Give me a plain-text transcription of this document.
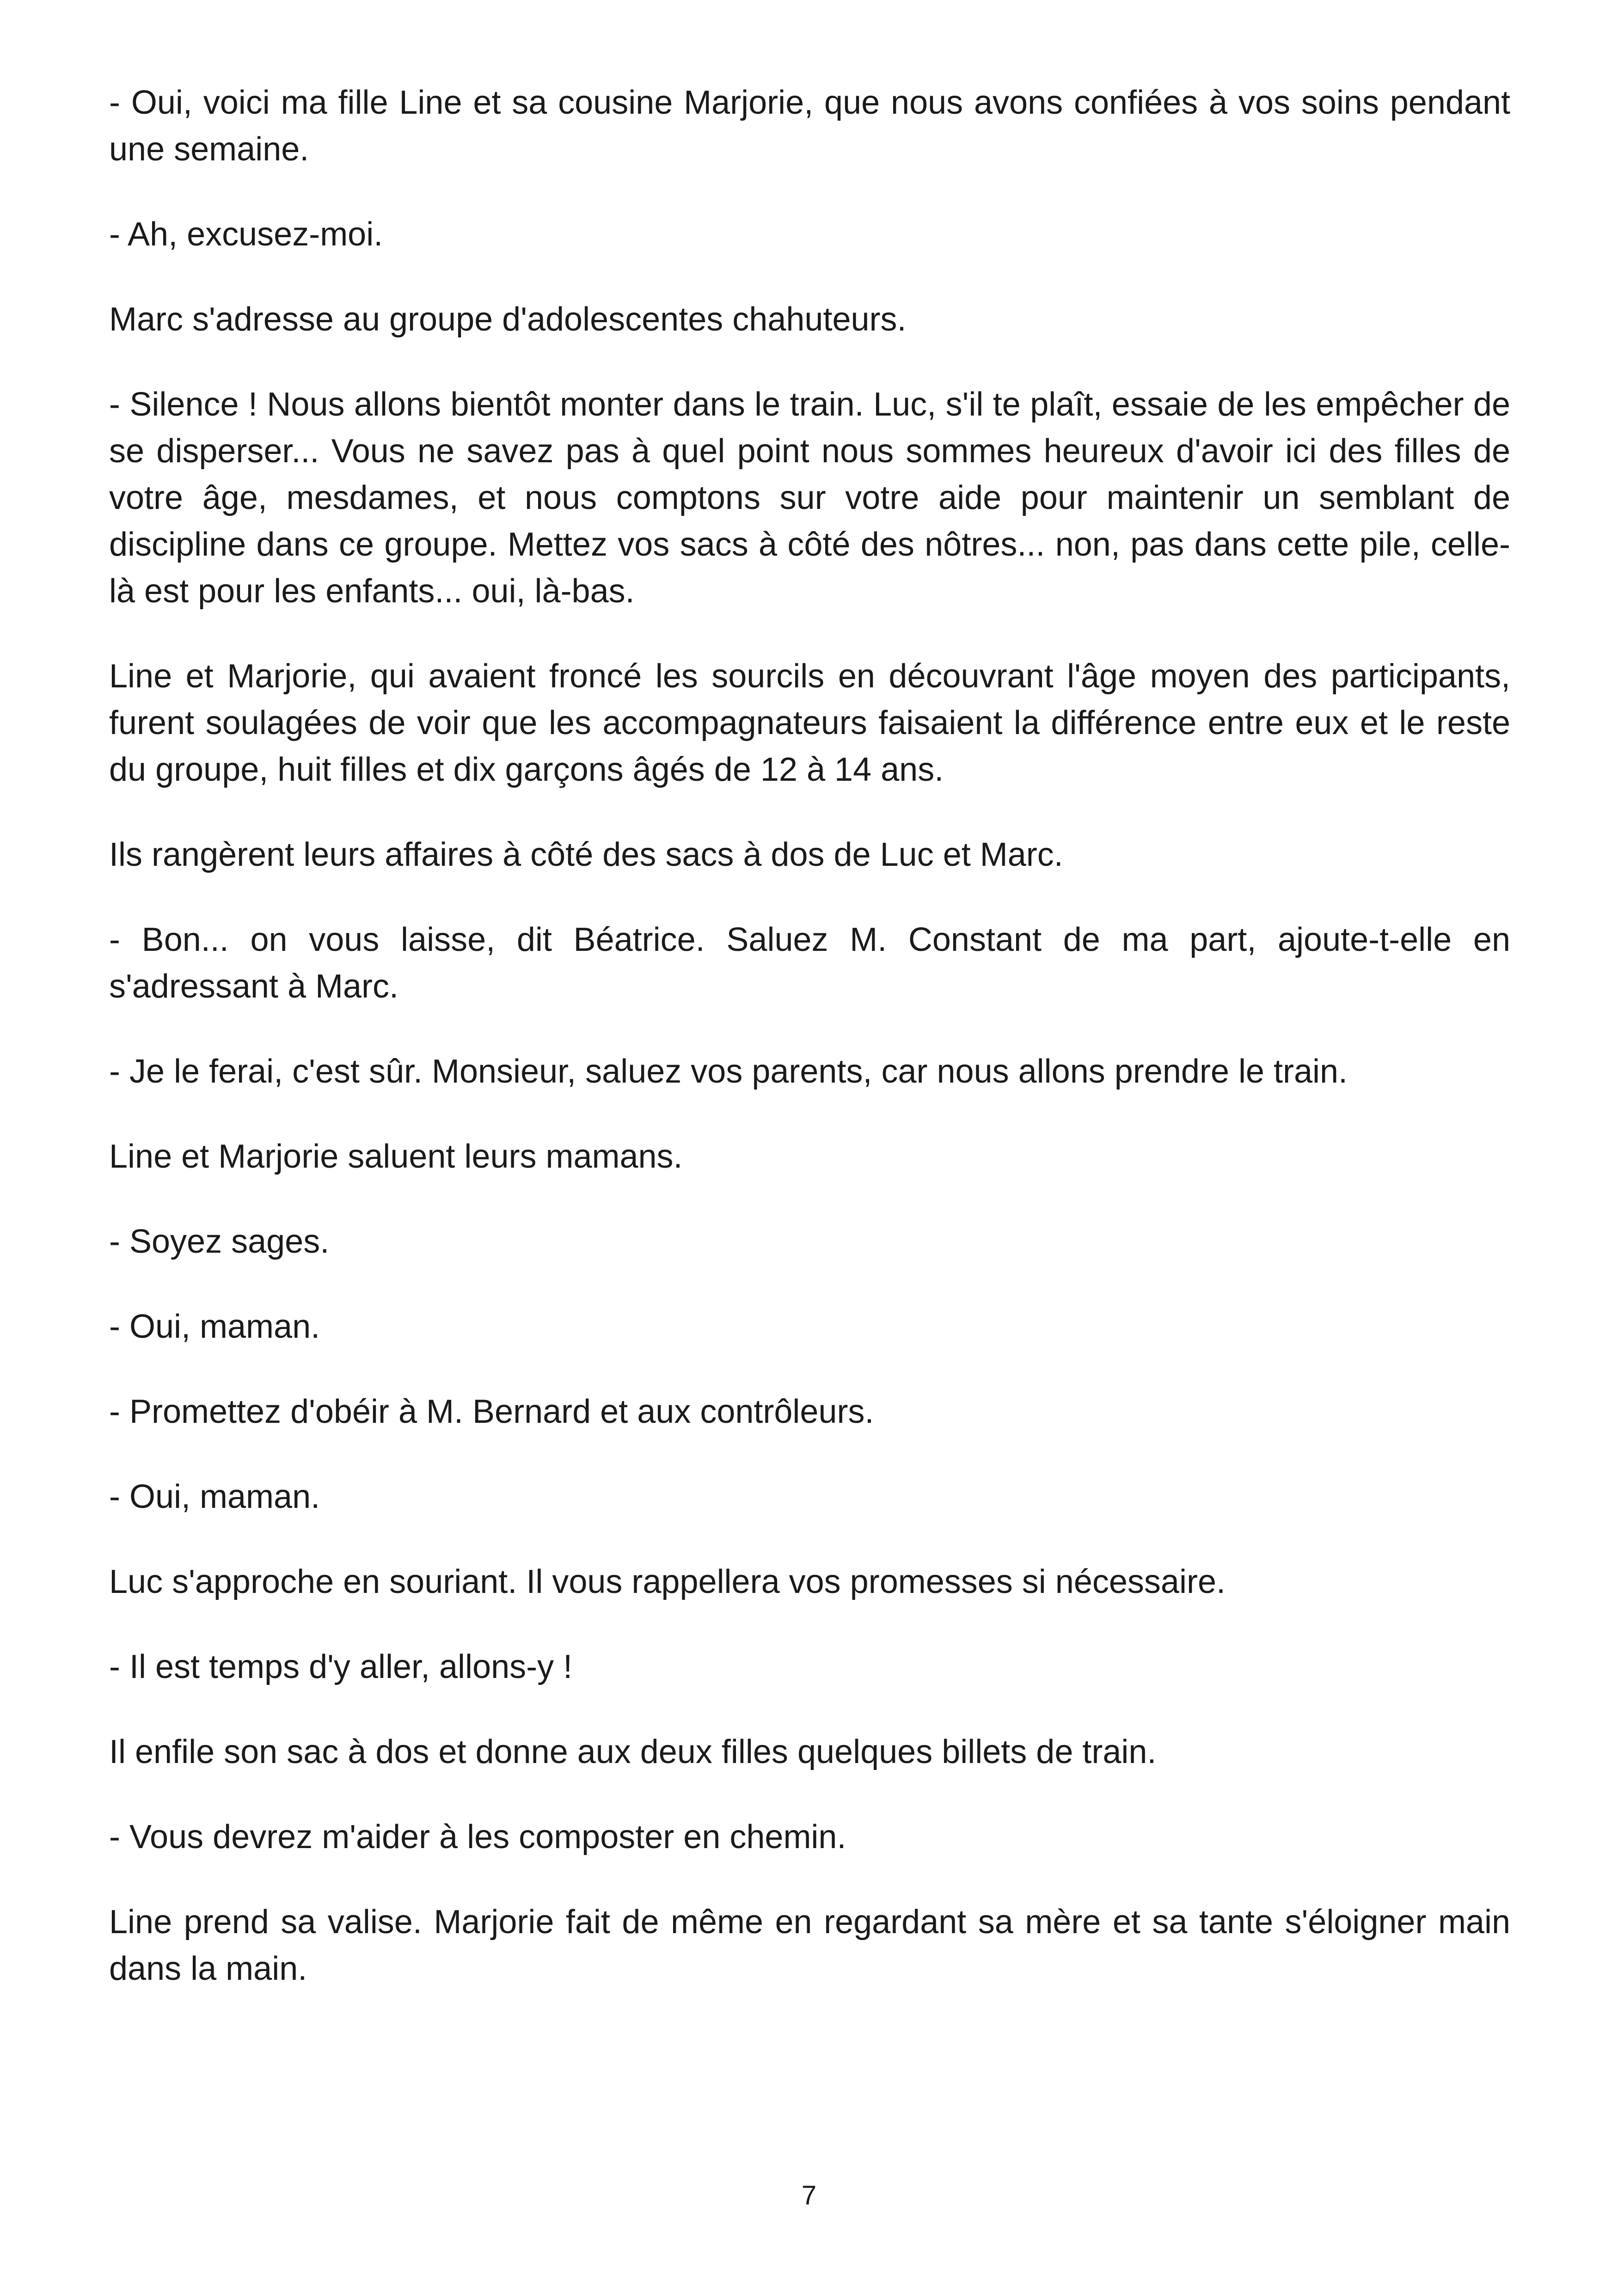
- Oui, voici ma fille Line et sa cousine Marjorie, que nous avons confiées à vos soins pendant une semaine.

- Ah, excusez-moi.

Marc s'adresse au groupe d'adolescentes chahuteurs.

- Silence ! Nous allons bientôt monter dans le train. Luc, s'il te plaît, essaie de les empêcher de se disperser... Vous ne savez pas à quel point nous sommes heureux d'avoir ici des filles de votre âge, mesdames, et nous comptons sur votre aide pour maintenir un semblant de discipline dans ce groupe. Mettez vos sacs à côté des nôtres... non, pas dans cette pile, celle-là est pour les enfants... oui, là-bas.

Line et Marjorie, qui avaient froncé les sourcils en découvrant l'âge moyen des participants, furent soulagées de voir que les accompagnateurs faisaient la différence entre eux et le reste du groupe, huit filles et dix garçons âgés de 12 à 14 ans.

Ils rangèrent leurs affaires à côté des sacs à dos de Luc et Marc.

- Bon... on vous laisse, dit Béatrice. Saluez M. Constant de ma part, ajoute-t-elle en s'adressant à Marc.

- Je le ferai, c'est sûr. Monsieur, saluez vos parents, car nous allons prendre le train.

Line et Marjorie saluent leurs mamans.

- Soyez sages.

- Oui, maman.

- Promettez d'obéir à M. Bernard et aux contrôleurs.

- Oui, maman.

Luc s'approche en souriant. Il vous rappellera vos promesses si nécessaire.

- Il est temps d'y aller, allons-y !

Il enfile son sac à dos et donne aux deux filles quelques billets de train.

- Vous devrez m'aider à les composter en chemin.

Line prend sa valise. Marjorie fait de même en regardant sa mère et sa tante s'éloigner main dans la main.

7
